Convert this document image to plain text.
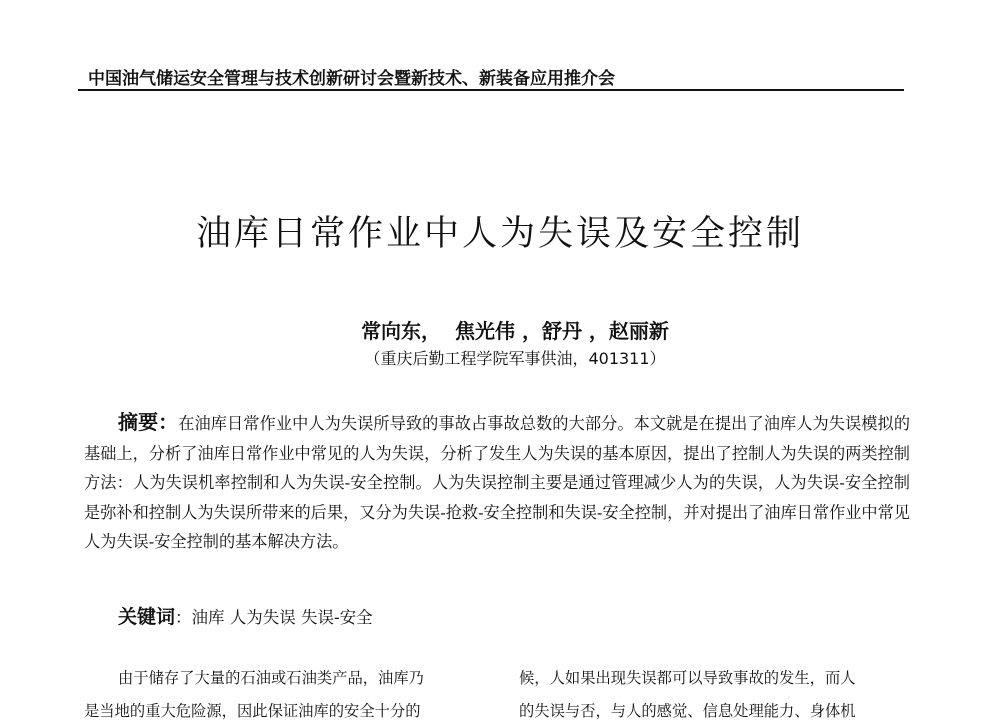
中国油气储运安全管理与技术创新研讨会暨新技术、新装备应用推介会
油库日常作业中人为失误及安全控制
常向东，  焦光伟 ，舒丹 ，赵丽新
（重庆后勤工程学院军事供油，401311）
摘要：在油库日常作业中人为失误所导致的事故占事故总数的大部分。本文就是在提出了油库人为失误模拟的基础上，分析了油库日常作业中常见的人为失误，分析了发生人为失误的基本原因，提出了控制人为失误的两类控制方法：人为失误机率控制和人为失误-安全控制。人为失误控制主要是通过管理减少人为的失误，人为失误-安全控制是弥补和控制人为失误所带来的后果，又分为失误-抢救-安全控制和失误-安全控制，并对提出了油库日常作业中常见人为失误-安全控制的基本解决方法。
关键词：油库 人为失误 失误-安全
由于储存了大量的石油或石油类产品，油库乃
是当地的重大危险源，因此保证油库的安全十分的
候，人如果出现失误都可以导致事故的发生，而人
的失误与否，与人的感觉、信息处理能力、身体机
